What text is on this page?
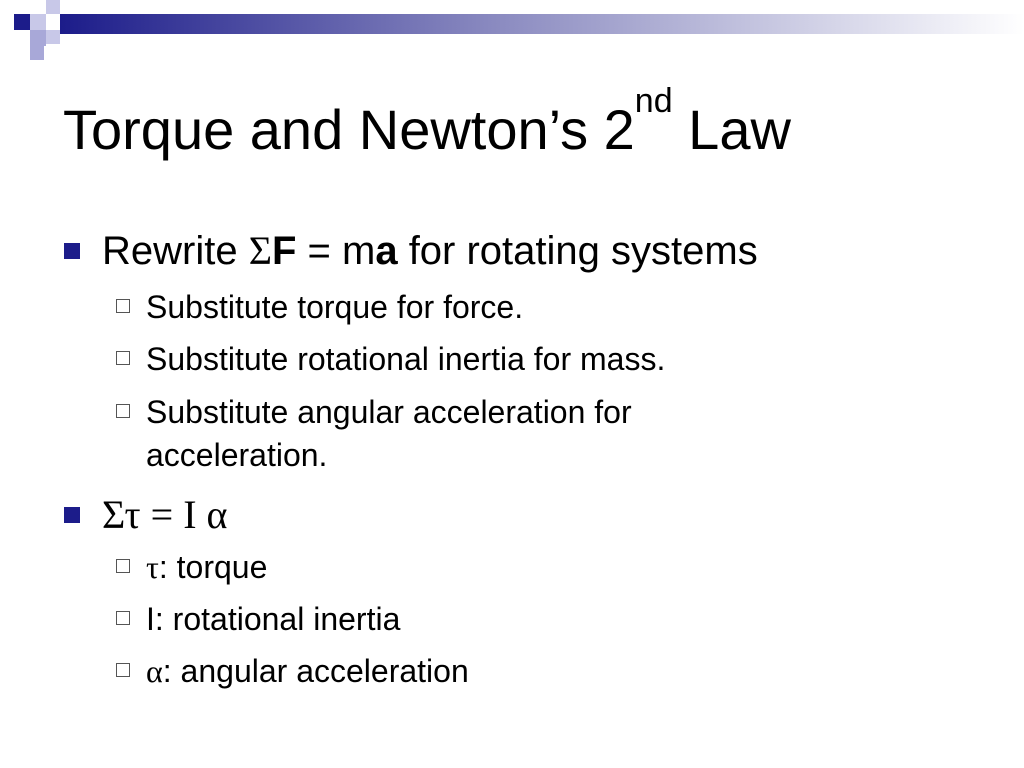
Torque and Newton’s 2nd Law
Rewrite ΣF = ma for rotating systems
Substitute torque for force.
Substitute rotational inertia for mass.
Substitute angular acceleration for
acceleration.
Στ = I α
τ: torque
I: rotational inertia
α: angular acceleration
